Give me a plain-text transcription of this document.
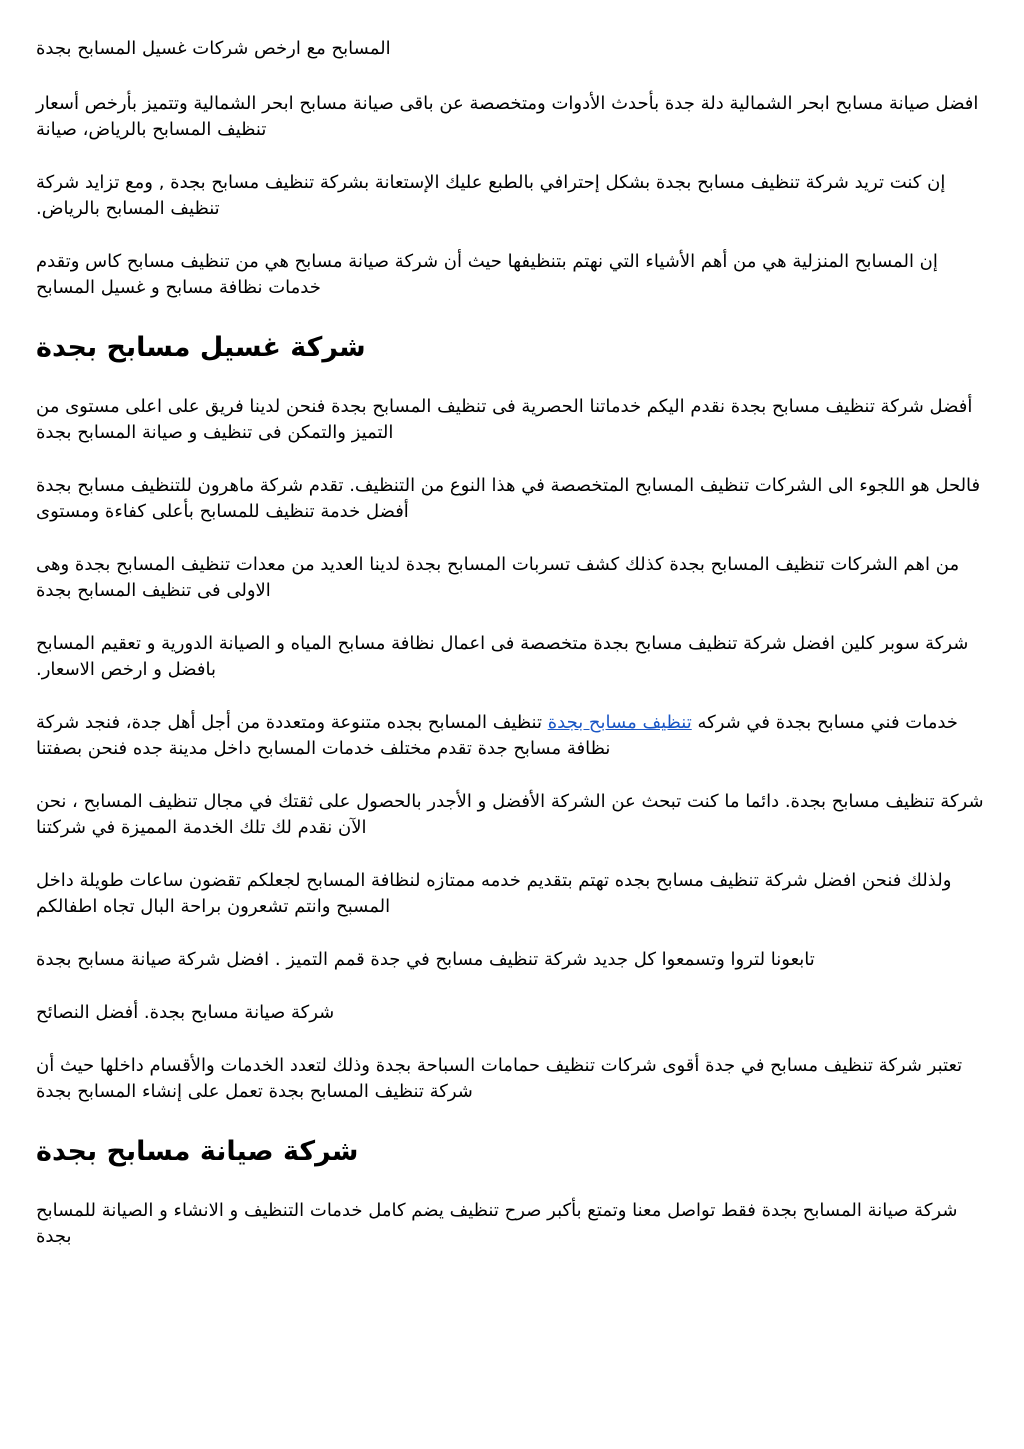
المسابح مع ارخص شركات غسيل المسابح بجدة

افضل صيانة مسابح ابحر الشمالية دلة جدة بأحدث الأدوات ومتخصصة عن باقى صيانة مسابح ابحر الشمالية وتتميز بأرخص أسعار تنظيف المسابح بالرياض، صيانة

إن كنت تريد شركة تنظيف مسابح بجدة بشكل إحترافي بالطبع عليك الإستعانة بشركة تنظيف مسابح بجدة , ومع تزايد شركة تنظيف المسابح بالرياض.

إن المسابح المنزلية هي من أهم الأشياء التي نهتم بتنظيفها حيث أن شركة صيانة مسابح هي من تنظيف مسابح كاس وتقدم خدمات نظافة مسابح و غسيل المسابح

شركة غسيل مسابح بجدة

أفضل شركة تنظيف مسابح بجدة نقدم اليكم خدماتنا الحصرية فى تنظيف المسابح بجدة فنحن لدينا فريق على اعلى مستوى من التميز والتمكن فى تنظيف و صيانة المسابح بجدة

فالحل هو اللجوء الى الشركات تنظيف المسابح المتخصصة في هذا النوع من التنظيف. تقدم شركة ماهرون للتنظيف مسابح بجدة أفضل خدمة تنظيف للمسابح بأعلى كفاءة ومستوى

من اهم الشركات تنظيف المسابح بجدة كذلك كشف تسربات المسابح بجدة لدينا العديد من معدات تنظيف المسابح بجدة وهى الاولى فى تنظيف المسابح بجدة

شركة سوبر كلين افضل شركة تنظيف مسابح بجدة متخصصة فى اعمال نظافة مسابح المياه و الصيانة الدورية و تعقيم المسابح بافضل و ارخص الاسعار.

خدمات فني مسابح بجدة في شركه تنظيف مسابح بجدة تنظيف المسابح بجده متنوعة ومتعددة من أجل أهل جدة، فنجد شركة نظافة مسابح جدة تقدم مختلف خدمات المسابح داخل مدينة جده فنحن بصفتنا

شركة تنظيف مسابح بجدة. دائما ما كنت تبحث عن الشركة الأفضل و الأجدر بالحصول على ثقتك في مجال تنظيف المسابح ، نحن الآن نقدم لك تلك الخدمة المميزة في شركتنا

ولذلك فنحن افضل شركة تنظيف مسابح بجده تهتم بتقديم خدمه ممتازه لنظافة المسابح لجعلكم تقضون ساعات طويلة داخل المسبح وانتم تشعرون براحة البال تجاه اطفالكم

تابعونا لتروا وتسمعوا كل جديد شركة تنظيف مسابح في جدة قمم التميز . افضل شركة صيانة مسابح بجدة

شركة صيانة مسابح بجدة. أفضل النصائح

تعتبر شركة تنظيف مسابح في جدة أقوى شركات تنظيف حمامات السباحة بجدة وذلك لتعدد الخدمات والأقسام داخلها حيث أن شركة تنظيف المسابح بجدة تعمل على إنشاء المسابح بجدة

شركة صيانة مسابح بجدة

شركة صيانة المسابح بجدة فقط تواصل معنا وتمتع بأكبر صرح تنظيف يضم كامل خدمات التنظيف و الانشاء و الصيانة للمسابح بجدة
